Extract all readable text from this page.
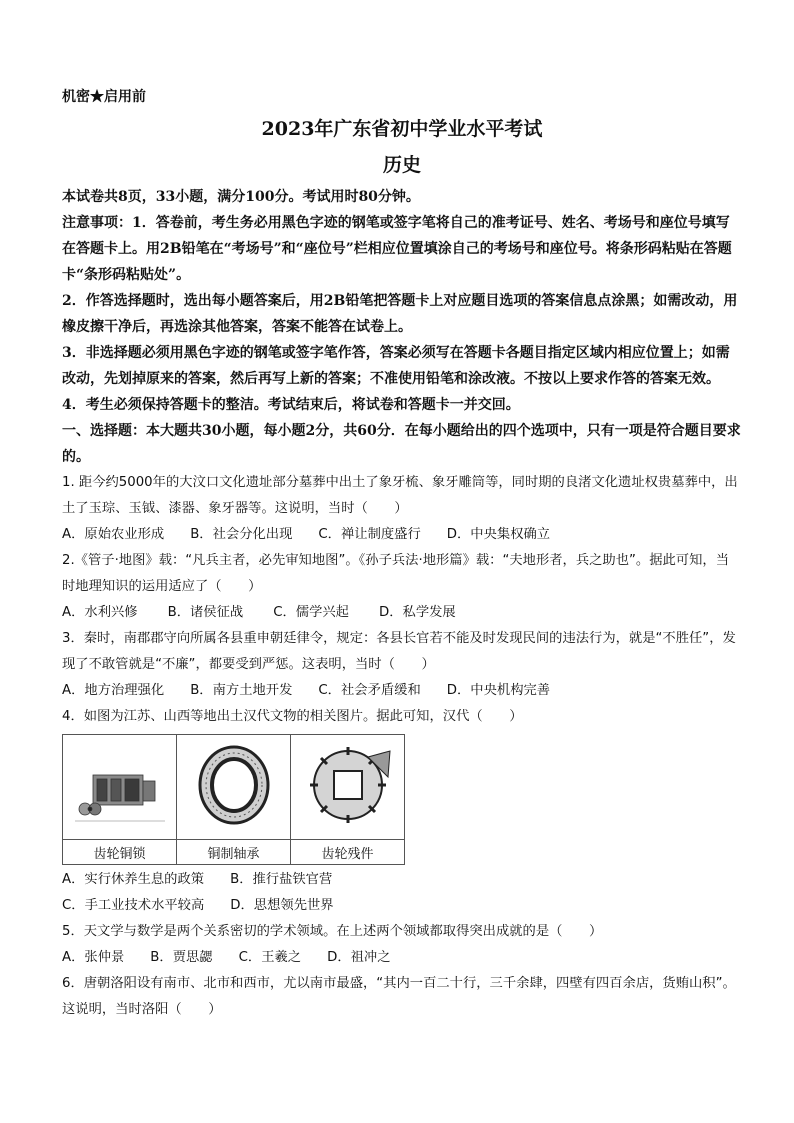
机密★启用前
2023年广东省初中学业水平考试
历史

本试卷共8页，33小题，满分100分。考试用时80分钟。

注意事项：1．答卷前，考生务必用黑色字迹的钢笔或签字笔将自己的准考证号、姓名、考场号和座位号填写在答题卡上。用2B铅笔在“考场号”和“座位号”栏相应位置填涂自己的考场号和座位号。将条形码粘贴在答题卡“条形码粘贴处”。

2．作答选择题时，选出每小题答案后，用2B铅笔把答题卡上对应题目选项的答案信息点涂黑；如需改动，用橡皮擦干净后，再选涂其他答案，答案不能答在试卷上。

3．非选择题必须用黑色字迹的钢笔或签字笔作答，答案必须写在答题卡各题目指定区域内相应位置上；如需改动，先划掉原来的答案，然后再写上新的答案；不准使用铅笔和涂改液。不按以上要求作答的答案无效。

4．考生必须保持答题卡的整洁。考试结束后，将试卷和答题卡一并交回。

一、选择题：本大题共30小题，每小题2分，共60分．在每小题给出的四个选项中，只有一项是符合题目要求的。

1. 距今约5000年的大汶口文化遗址部分墓葬中出土了象牙梳、象牙雕筒等，同时期的良渚文化遗址权贵墓葬中，出土了玉琮、玉钺、漆器、象牙器等。这说明，当时（　　）

A．原始农业形成 B．社会分化出现 C．禅让制度盛行 D．中央集权确立

2.《管子·地图》载：“凡兵主者，必先审知地图”。《孙子兵法·地形篇》载：“夫地形者，兵之助也”。据此可知，当时地理知识的运用适应了（　　）

A．水利兴修 B．诸侯征战 C．儒学兴起 D．私学发展

3．秦时，南郡郡守向所属各县重申朝廷律令，规定：各县长官若不能及时发现民间的违法行为，就是“不胜任”，发现了不敢管就是“不廉”，都要受到严惩。这表明，当时（　　）

A．地方治理强化 B．南方土地开发 C．社会矛盾缓和 D．中央机构完善

4．如图为江苏、山西等地出土汉代文物的相关图片。据此可知，汉代（　　）

齿轮铜锁	铜制轴承	齿轮残件
A．实行休养生息的政策 B．推行盐铁官营
C．手工业技术水平较高 D．思想领先世界

5．天文学与数学是两个关系密切的学术领域。在上述两个领域都取得突出成就的是（　　）

A．张仲景 B．贾思勰 C．王羲之 D．祖冲之

6．唐朝洛阳设有南市、北市和西市，尤以南市最盛，“其内一百二十行，三千余肆，四壁有四百余店，货贿山积”。这说明，当时洛阳（　　）
